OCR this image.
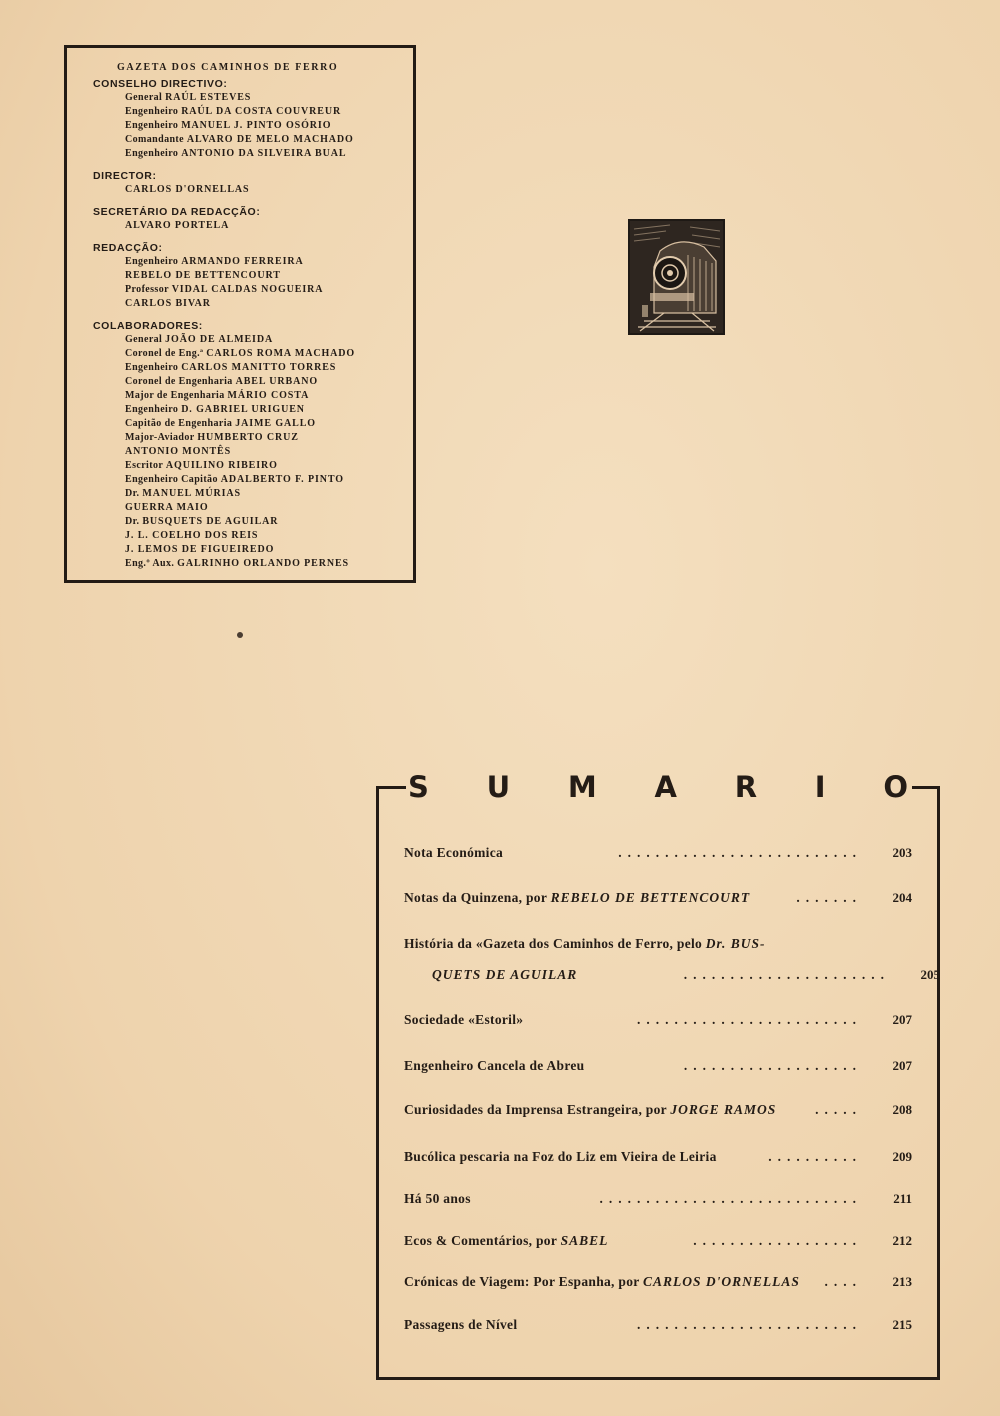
GAZETA DOS CAMINHOS DE FERRO
CONSELHO DIRECTIVO:
General RAÚL ESTEVES
Engenheiro RAÚL DA COSTA COUVREUR
Engenheiro MANUEL J. PINTO OSÓRIO
Comandante ALVARO DE MELO MACHADO
Engenheiro ANTONIO DA SILVEIRA BUAL
DIRECTOR:
CARLOS D'ORNELLAS
SECRETÁRIO DA REDACÇÃO:
ALVARO PORTELA
REDACÇÃO:
Engenheiro ARMANDO FERREIRA
REBELO DE BETTENCOURT
Professor VIDAL CALDAS NOGUEIRA
CARLOS BIVAR
COLABORADORES:
General JOÃO DE ALMEIDA
Coronel de Eng.ª CARLOS ROMA MACHADO
Engenheiro CARLOS MANITTO TORRES
Coronel de Engenharia ABEL URBANO
Major de Engenharia MÁRIO COSTA
Engenheiro D. GABRIEL URIGUEN
Capitão de Engenharia JAIME GALLO
Major-Aviador HUMBERTO CRUZ
ANTONIO MONTÊS
Escritor AQUILINO RIBEIRO
Engenheiro Capitão ADALBERTO F. PINTO
Dr. MANUEL MÚRIAS
GUERRA MAIO
Dr. BUSQUETS DE AGUILAR
J. L. COELHO DOS REIS
J. LEMOS DE FIGUEIREDO
Eng.º Aux. GALRINHO ORLANDO PERNES
S U M A R I O
Nota Económica	.......................... 203
Notas da Quinzena, por REBELO DE BETTENCOURT	....... 204
História da «Gazeta dos Caminhos de Ferro, pelo Dr. BUS-
QUETS DE AGUILAR	...................... 205
Sociedade «Estoril»	........................ 207
Engenheiro Cancela de Abreu	................... 207
Curiosidades da Imprensa Estrangeira, por JORGE RAMOS	..... 208
Bucólica pescaria na Foz do Liz em Vieira de Leiria	.......... 209
Há 50 anos	............................ 211
Ecos & Comentários, por SABEL	.................. 212
Crónicas de Viagem: Por Espanha, por CARLOS D'ORNELLAS .... 213
Passagens de Nível	........................ 215
